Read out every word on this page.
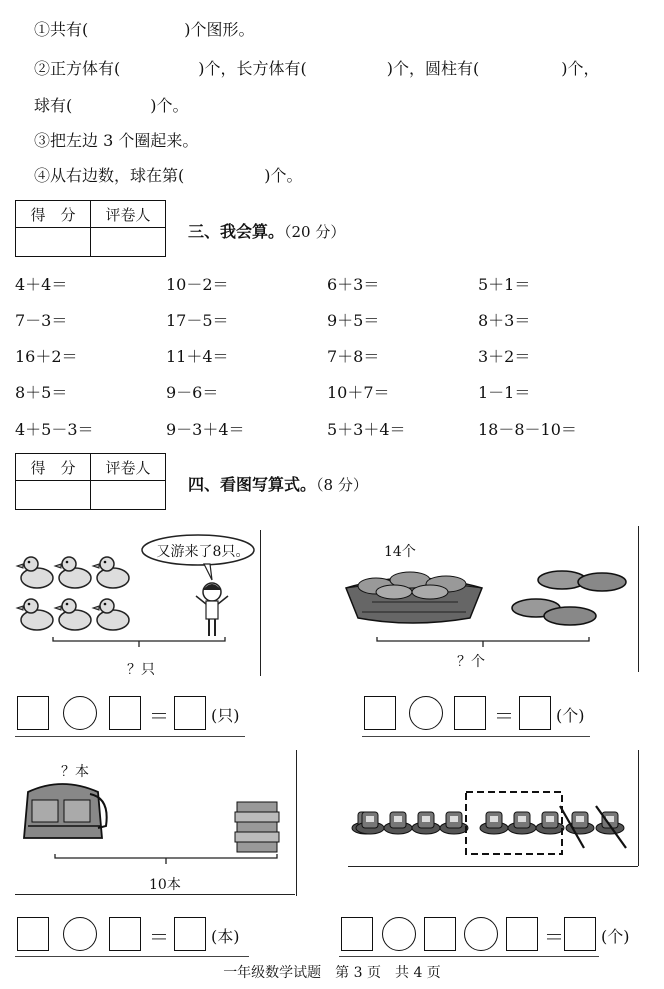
①共有(	)个图形。
②正方体有(	)个，长方体有(	)个，圆柱有(	)个，
球有(	)个。
③把左边 3 个圈起来。
④从右边数，球在第(	)个。
得　分	评卷人

三、我会算。（20 分）
4＋4＝	10－2＝	6＋3＝	5＋1＝
7－3＝	17－5＝	9＋5＝	8＋3＝
16＋2＝	11＋4＝	7＋8＝	3＋2＝
8＋5＝	9－6＝	10＋7＝	1－1＝
4＋5－3＝	9－3＋4＝	5＋3＋4＝	18－8－10＝
得　分	评卷人

四、看图写算式。（8 分）
又游来了8只。
？只
14个
？个
＝	(只)	＝	(个)
？本
10本
＝	(本)	＝ (个)
一年级数学试题　第 3 页　共 4 页
